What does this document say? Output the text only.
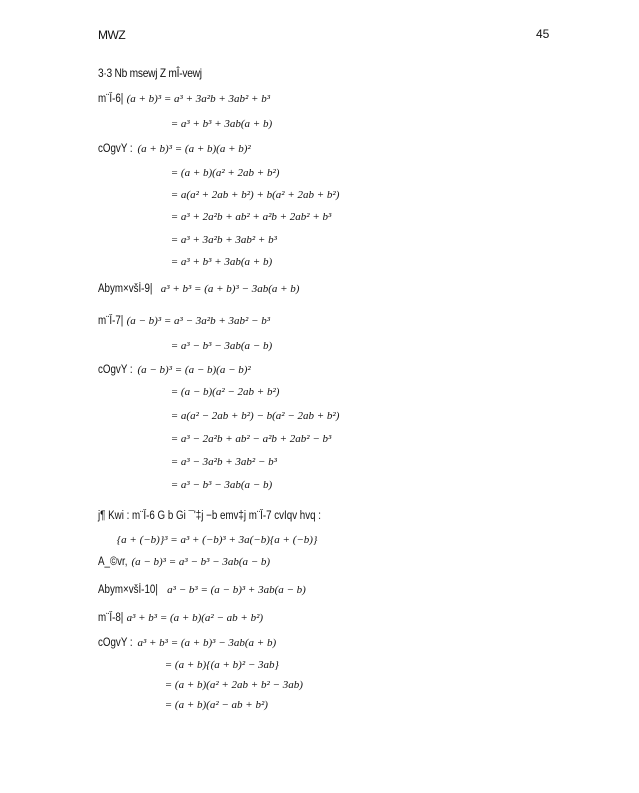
MWZ	45
3·3 Nb msewj Z mÎ-vewj
m¨Î-6| (a + b)³ = a³ + 3a²b + 3ab² + b³
= a³ + b³ + 3ab(a + b)
cÖgvY : (a + b)³ = (a + b)(a + b)²
= (a + b)(a² + 2ab + b²)
= a(a² + 2ab + b²) + b(a² + 2ab + b²)
= a³ + 2a²b + ab² + a²b + 2ab² + b³
= a³ + 3a²b + 3ab² + b³
= a³ + b³ + 3ab(a + b)
Abym×všÍ-9| a³ + b³ = (a + b)³ − 3ab(a + b)
m¨Î-7| (a − b)³ = a³ − 3a²b + 3ab² − b³
= a³ − b³ − 3ab(a − b)
cÖgvY : (a − b)³ = (a − b)(a − b)²
= (a − b)(a² − 2ab + b²)
= a(a² − 2ab + b²) − b(a² − 2ab + b²)
= a³ − 2a²b + ab² − a²b + 2ab² − b³
= a³ − 3a²b + 3ab² − b³
= a³ − b³ − 3ab(a − b)
j¶ Kwi : m¨Î-6 G b Gi ¯'‡j −b emv‡j m¨Î-7 cvIqv hvq :
{a + (−b)}³ = a³ + (−b)³ + 3a(−b){a + (−b)}
A_©vr, (a − b)³ = a³ − b³ − 3ab(a − b)
Abym×všÍ-10| a³ − b³ = (a − b)³ + 3ab(a − b)
m¨Î-8| a³ + b³ = (a + b)(a² − ab + b²)
cÖgvY : a³ + b³ = (a + b)³ − 3ab(a + b)
= (a + b){(a + b)² − 3ab}
= (a + b)(a² + 2ab + b² − 3ab)
= (a + b)(a² − ab + b²)
